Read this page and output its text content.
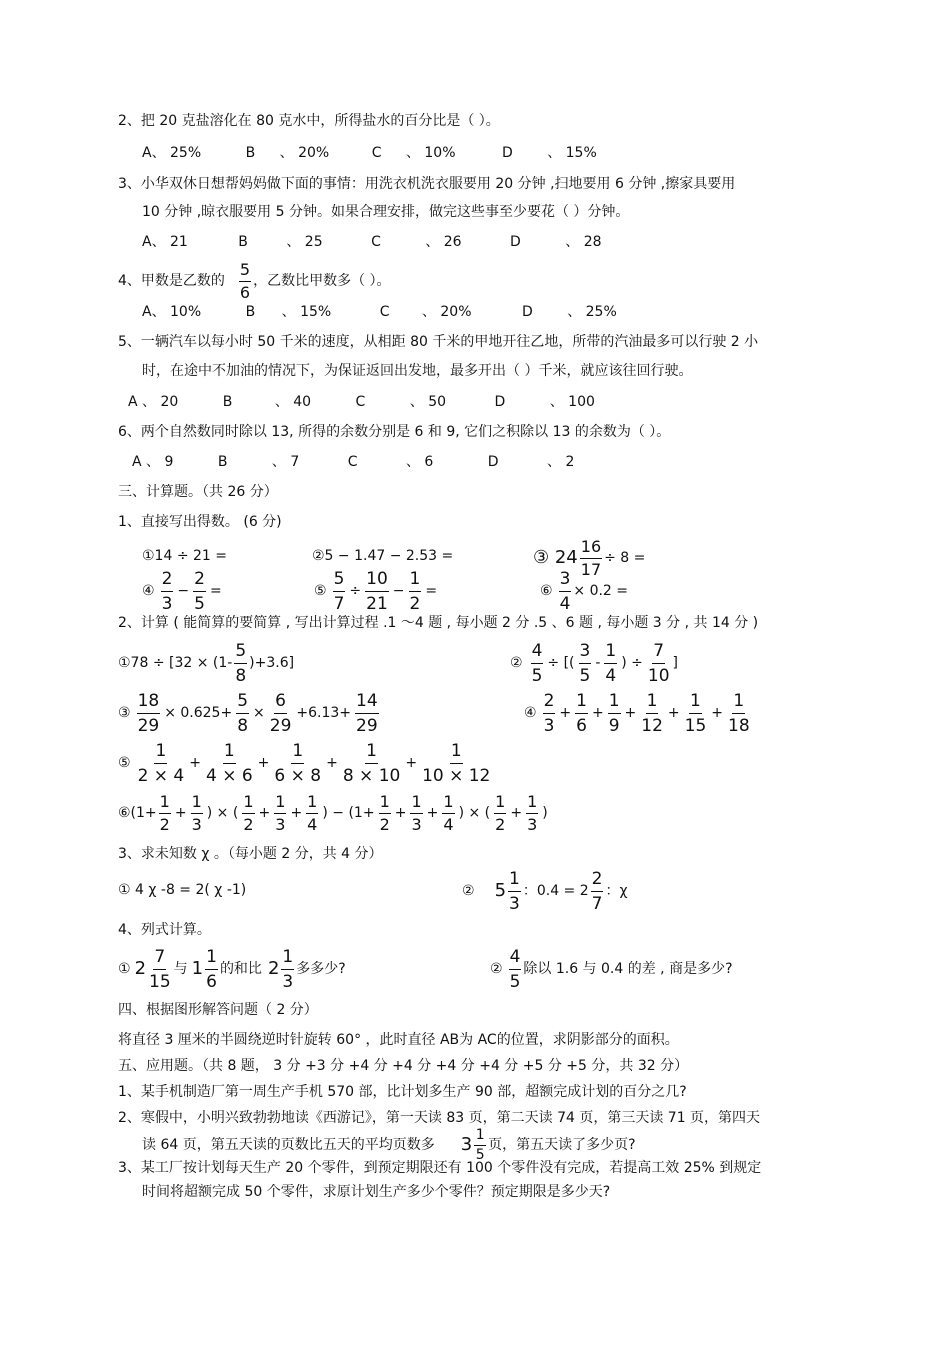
2、把 20 克盐溶化在 80 克水中，所得盐水的百分比是（ ）。
A、 25%	B 、 20%	C 、 10%	D 、 15%
3、小华双休日想帮妈妈做下面的事情：用洗衣机洗衣服要用 20 分钟 ,扫地要用 6 分钟 ,擦家具要用
10 分钟 ,晾衣服要用 5 分钟。如果合理安排，做完这些事至少要花（ ）分钟。
A、 21	B	、 25	C	、 26	D	、 28
4、甲数是乙数的
5
6
，乙数比甲数多（ ）。
A、 10%	B 、 15%	C 、 20%	D 、 25%
5、一辆汽车以每小时 50 千米的速度，从相距 80 千米的甲地开往乙地，所带的汽油最多可以行驶 2 小
时，在途中不加油的情况下，为保证返回出发地，最多开出（ ）千米，就应该往回行驶。
A 、 20	B	、 40	C	、 50	D	、 100
6、两个自然数同时除以 13, 所得的余数分别是 6 和 9, 它们之积除以 13 的余数为（ ）。
A 、 9	B	、 7	C	、 6	D	、 2
三、计算题。（共 26 分）
1、直接写出得数。 (6 分)
①14 ÷ 21 =	②5 − 1.47 − 2.53 =	③ $24 \frac{16}{17} \div 8$ =
④
2
3
− $\frac{2}{5}$ =	⑤ $\frac{5}{7} \div \frac{10}{21} - \frac{1}{2}$ =	⑥ $\frac{3}{4} \times 0.2$ =
2、计算 ( 能简算的要简算 , 写出计算过程 .1 ～4 题 , 每小题 2 分 .5 、6 题 , 每小题 3 分 , 共 14 分 )
①78 ÷ [32 × (1-
5
8
)+3.6]	② $\frac{4}{5}$ ÷ [(
3
5
-
1
4
) ÷ $\frac{7}{10}$ ]
③ $\frac{18}{29} \times 0.625+ \frac{5}{8} \times \frac{6}{29} +6.13+ \frac{14}{29}$	④
2
3
+ $\frac{1}{6} + \frac{1}{9} + \frac{1}{12} + \frac{1}{15} + \frac{1}{18}$
⑤
1
2 × 4
+ $\frac{1}{4 \times 6} + \frac{1}{6 \times 8} + \frac{1}{8 \times 10} + \frac{1}{10 \times 12}$
⑥(1+ $\frac{1}{2} + \frac{1}{3}$ ) × (
1
2
+ $\frac{1}{3} + \frac{1}{4}$ ) − ($1+ \frac{1}{2} + \frac{1}{3} + \frac{1}{4}$ ) × (
1
2
+ $\frac{1}{3}$ )
3、求未知数 χ 。（每小题 2 分，共 4 分）
① 4 χ -8 = 2( χ -1)	② 5
1
3
：0.4 = 2
2
7
：χ
4、列式计算。
① 2
7
15
与 1
1
6
的和比 2
1
3
多多少?	②
4
5
除以 1.6 与 0.4 的差 , 商是多少?
四、根据图形解答问题（ 2 分）
将直径 3 厘米的半圆绕逆时针旋转 60° ，此时直径 AB为 AC的位置，求阴影部分的面积。
五、应用题。（共 8 题， 3 分 +3 分 +4 分 +4 分 +4 分 +4 分 +5 分 +5 分，共 32 分）
1、某手机制造厂第一周生产手机 570 部，比计划多生产 90 部，超额完成计划的百分之几?
2、寒假中，小明兴致勃勃地读《西游记》，第一天读 83 页，第二天读 74 页，第三天读 71 页，第四天
读 64 页，第五天读的页数比五天的平均页数多 3 1
5
页，第五天读了多少页?
3、某工厂按计划每天生产 20 个零件，到预定期限还有 100 个零件没有完成，若提高工效 25% 到规定
时间将超额完成 50 个零件，求原计划生产多少个零件？预定期限是多少天?
